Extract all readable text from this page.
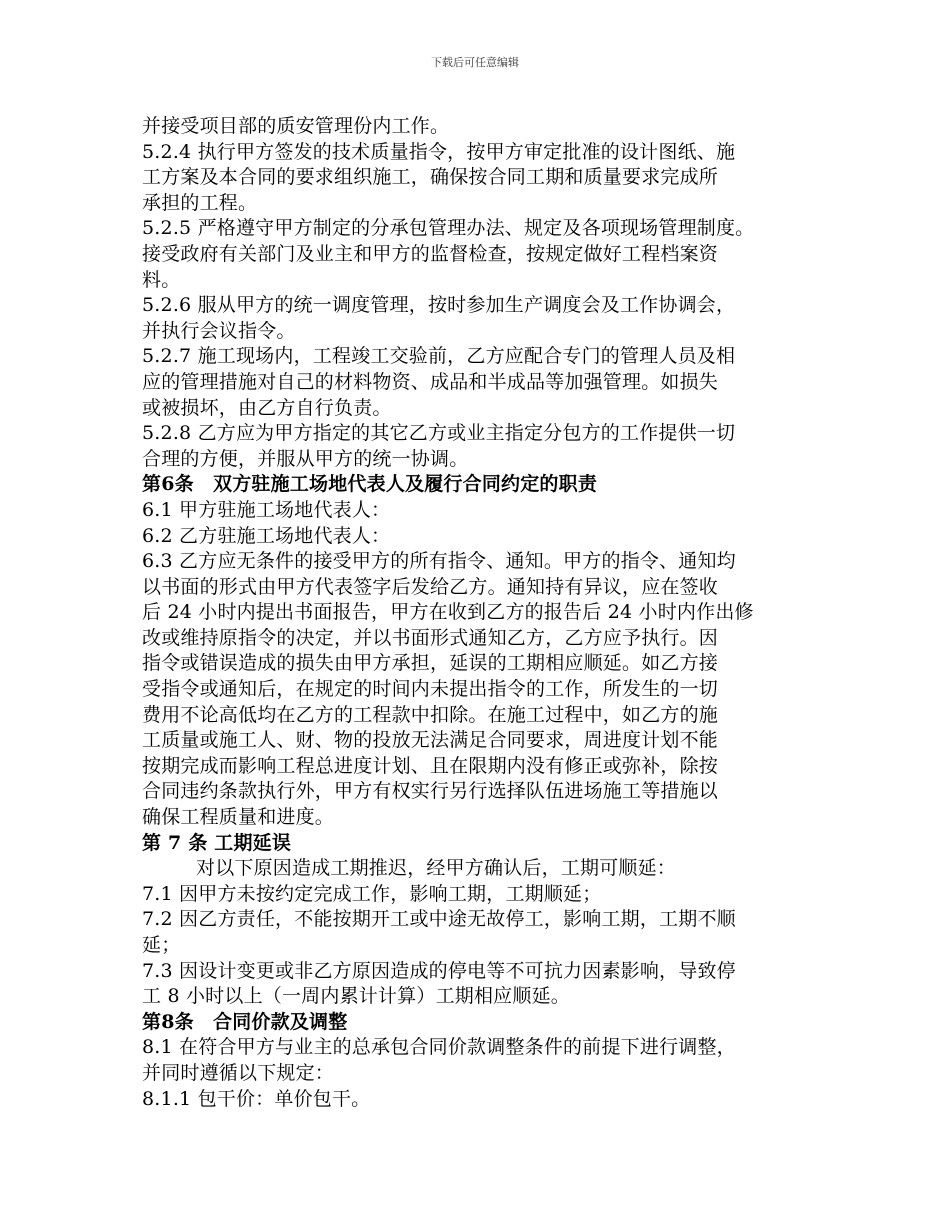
下载后可任意编辑
并接受项目部的质安管理份内工作。
5.2.4 执行甲方签发的技术质量指令，按甲方审定批准的设计图纸、施
工方案及本合同的要求组织施工，确保按合同工期和质量要求完成所
承担的工程。
5.2.5 严格遵守甲方制定的分承包管理办法、规定及各项现场管理制度。
接受政府有关部门及业主和甲方的监督检查，按规定做好工程档案资
料。
5.2.6 服从甲方的统一调度管理，按时参加生产调度会及工作协调会，
并执行会议指令。
5.2.7 施工现场内，工程竣工交验前，乙方应配合专门的管理人员及相
应的管理措施对自己的材料物资、成品和半成品等加强管理。如损失
或被损坏，由乙方自行负责。
5.2.8 乙方应为甲方指定的其它乙方或业主指定分包方的工作提供一切
合理的方便，并服从甲方的统一协调。
第6条　双方驻施工场地代表人及履行合同约定的职责
6.1 甲方驻施工场地代表人：
6.2 乙方驻施工场地代表人：
6.3 乙方应无条件的接受甲方的所有指令、通知。甲方的指令、通知均
以书面的形式由甲方代表签字后发给乙方。通知持有异议，应在签收
后 24 小时内提出书面报告，甲方在收到乙方的报告后 24 小时内作出修
改或维持原指令的决定，并以书面形式通知乙方，乙方应予执行。因
指令或错误造成的损失由甲方承担，延误的工期相应顺延。如乙方接
受指令或通知后，在规定的时间内未提出指令的工作，所发生的一切
费用不论高低均在乙方的工程款中扣除。在施工过程中，如乙方的施
工质量或施工人、财、物的投放无法满足合同要求，周进度计划不能
按期完成而影响工程总进度计划、且在限期内没有修正或弥补，除按
合同违约条款执行外，甲方有权实行另行选择队伍进场施工等措施以
确保工程质量和进度。
第 7 条 工期延误
对以下原因造成工期推迟，经甲方确认后，工期可顺延：
7.1 因甲方未按约定完成工作，影响工期，工期顺延；
7.2 因乙方责任，不能按期开工或中途无故停工，影响工期，工期不顺
延；
7.3 因设计变更或非乙方原因造成的停电等不可抗力因素影响，导致停
工 8 小时以上（一周内累计计算）工期相应顺延。
第8条　合同价款及调整
8.1 在符合甲方与业主的总承包合同价款调整条件的前提下进行调整，
并同时遵循以下规定：
8.1.1 包干价：单价包干。
